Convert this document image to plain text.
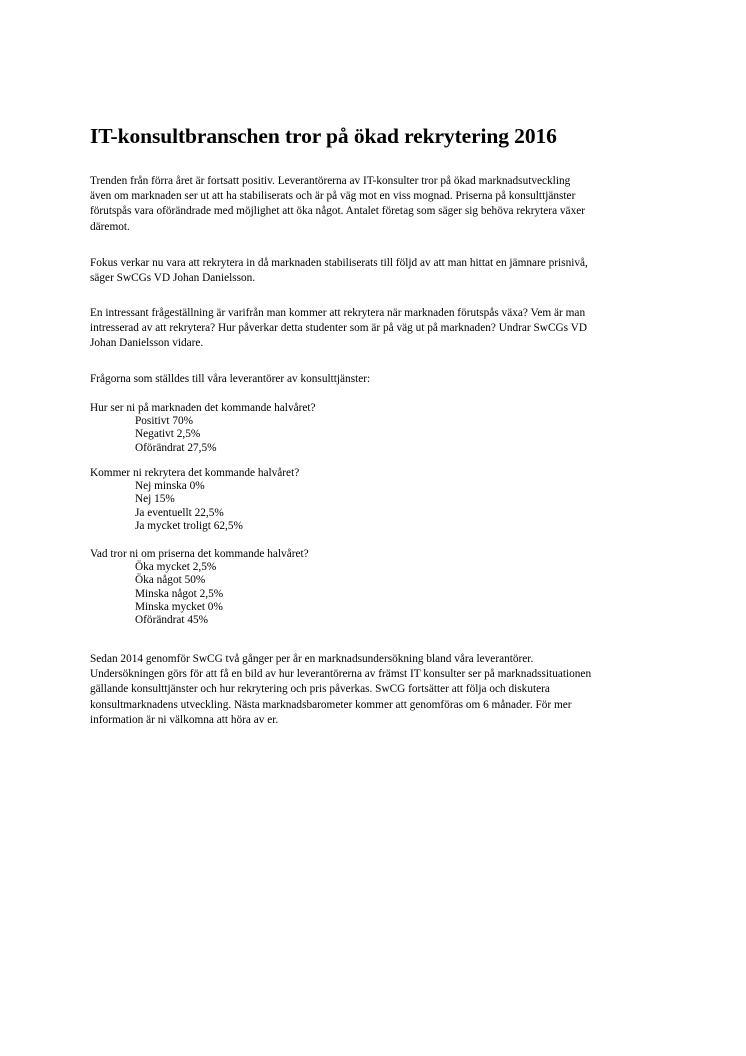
IT-konsultbranschen tror på ökad rekrytering 2016

Trenden från förra året är fortsatt positiv. Leverantörerna av IT-konsulter tror på ökad marknadsutveckling

även om marknaden ser ut att ha stabiliserats och är på väg mot en viss mognad. Priserna på konsulttjänster

förutspås vara oförändrade med möjlighet att öka något. Antalet företag som säger sig behöva rekrytera växer

däremot.

Fokus verkar nu vara att rekrytera in då marknaden stabiliserats till följd av att man hittat en jämnare prisnivå,

säger SwCGs VD Johan Danielsson.

En intressant frågeställning är varifrån man kommer att rekrytera när marknaden förutspås växa? Vem är man

intresserad av att rekrytera? Hur påverkar detta studenter som är på väg ut på marknaden? Undrar SwCGs VD

Johan Danielsson vidare.

Frågorna som ställdes till våra leverantörer av konsulttjänster:

Hur ser ni på marknaden det kommande halvåret?

Positivt 70%
Negativt 2,5%
Oförändrat 27,5%

Kommer ni rekrytera det kommande halvåret?

Nej minska 0%
Nej 15%
Ja eventuellt 22,5%
Ja mycket troligt 62,5%

Vad tror ni om priserna det kommande halvåret?

Öka mycket 2,5%
Öka något 50%
Minska något 2,5%
Minska mycket 0%
Oförändrat 45%

Sedan 2014 genomför SwCG två gånger per år en marknadsundersökning bland våra leverantörer.

Undersökningen görs för att få en bild av hur leverantörerna av främst IT konsulter ser på marknadssituationen

gällande konsulttjänster och hur rekrytering och pris påverkas. SwCG fortsätter att följa och diskutera

konsultmarknadens utveckling. Nästa marknadsbarometer kommer att genomföras om 6 månader. För mer

information är ni välkomna att höra av er.
